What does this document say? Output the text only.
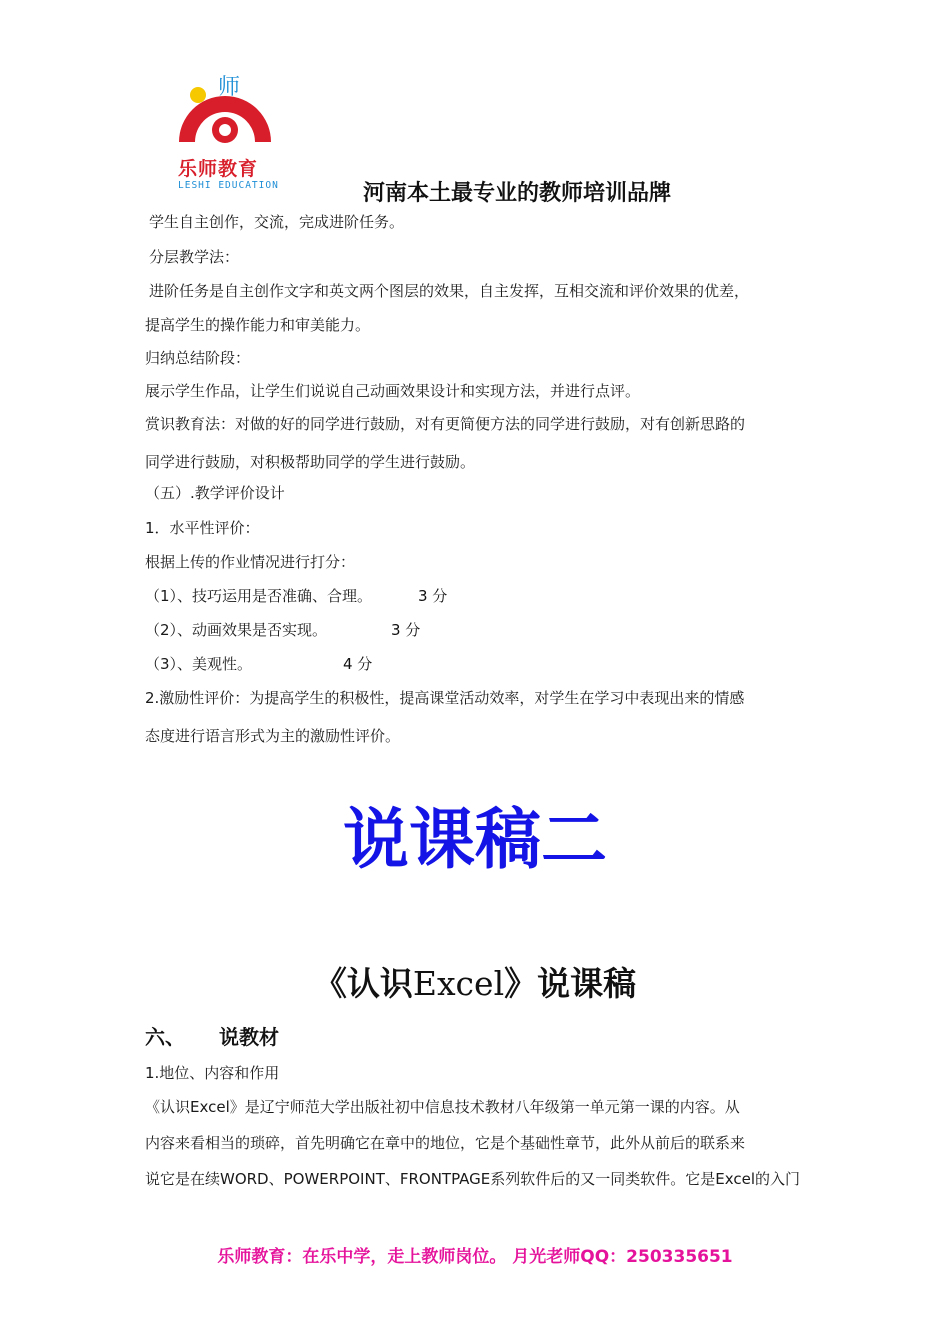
师
乐师教育
LESHI EDUCATION	河南本土最专业的教师培训品牌
学生自主创作，交流，完成进阶任务。
分层教学法：
进阶任务是自主创作文字和英文两个图层的效果，自主发挥，互相交流和评价效果的优差，
提高学生的操作能力和审美能力。
归纳总结阶段：
展示学生作品，让学生们说说自己动画效果设计和实现方法，并进行点评。
赏识教育法：对做的好的同学进行鼓励，对有更简便方法的同学进行鼓励，对有创新思路的
同学进行鼓励，对积极帮助同学的学生进行鼓励。
（五）.教学评价设计
1．水平性评价：
根据上传的作业情况进行打分：
（1）、技巧运用是否准确、合理。	3 分
（2）、动画效果是否实现。	3 分
（3）、美观性。	4 分
2.激励性评价：为提高学生的积极性，提高课堂活动效率，对学生在学习中表现出来的情感
态度进行语言形式为主的激励性评价。
说课稿二
《认识Excel》说课稿
六、 说教材
1.地位、内容和作用
《认识Excel》是辽宁师范大学出版社初中信息技术教材八年级第一单元第一课的内容。从
内容来看相当的琐碎，首先明确它在章中的地位，它是个基础性章节，此外从前后的联系来
说它是在续WORD、POWERPOINT、FRONTPAGE系列软件后的又一同类软件。它是Excel的入门
乐师教育：在乐中学，走上教师岗位。 月光老师QQ：250335651
